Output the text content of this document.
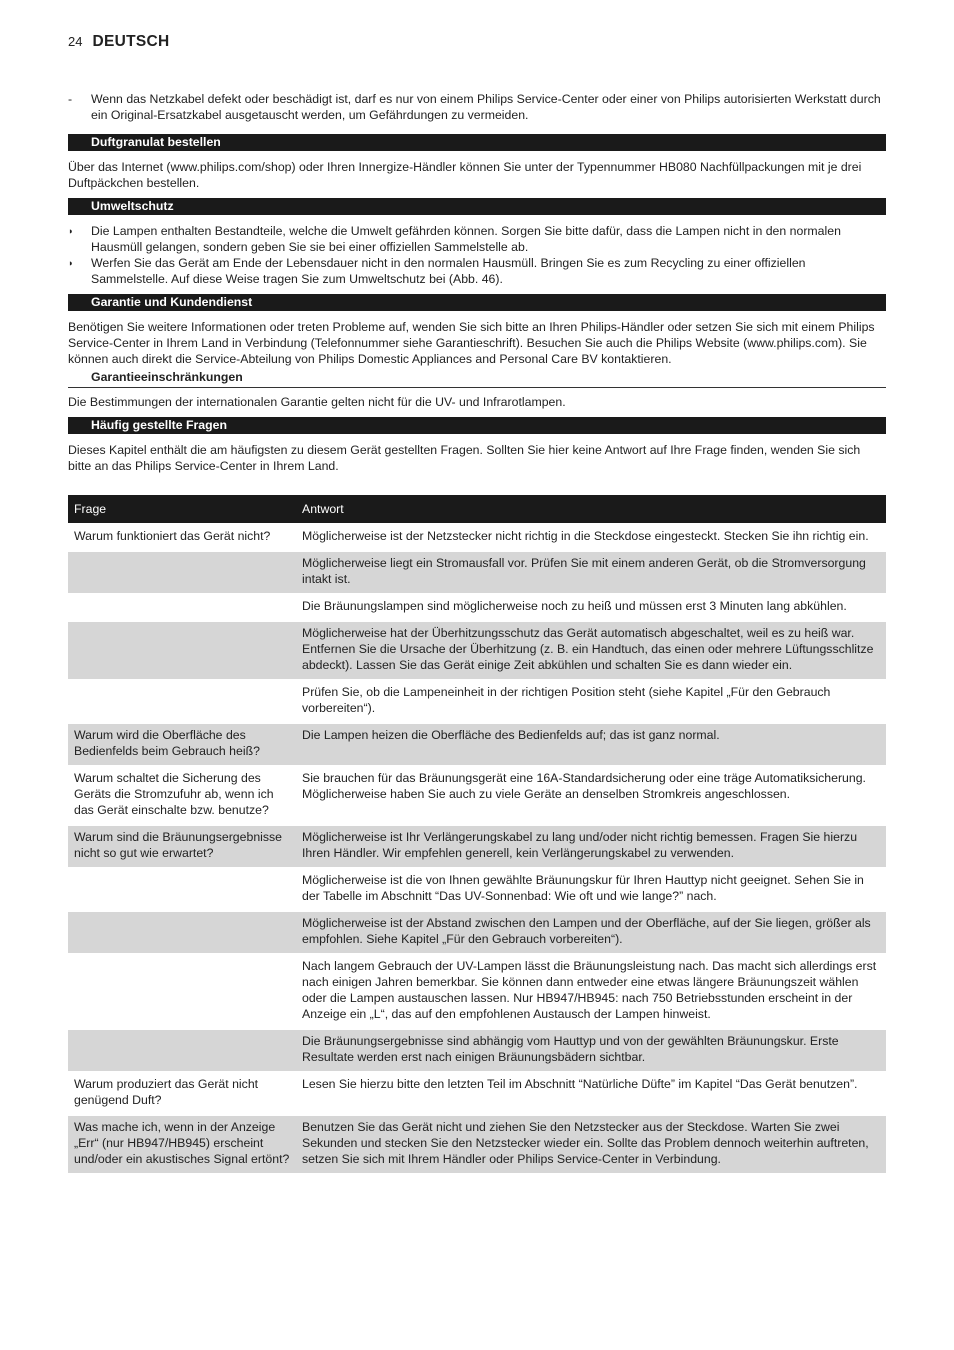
24 DEUTSCH
-	Wenn das Netzkabel defekt oder beschädigt ist, darf es nur von einem Philips Service-Center oder einer von Philips autorisierten Werkstatt durch ein Original-Ersatzkabel ausgetauscht werden, um Gefährdungen zu vermeiden.
Duftgranulat bestellen

Über das Internet (www.philips.com/shop) oder Ihren Innergize-Händler können Sie unter der Typennummer HB080 Nachfüllpackungen mit je drei Duftpäckchen bestellen.

Umweltschutz
◗	Die Lampen enthalten Bestandteile, welche die Umwelt gefährden können. Sorgen Sie bitte dafür, dass die Lampen nicht in den normalen Hausmüll gelangen, sondern geben Sie sie bei einer offiziellen Sammelstelle ab.
◗	Werfen Sie das Gerät am Ende der Lebensdauer nicht in den normalen Hausmüll. Bringen Sie es zum Recycling zu einer offiziellen Sammelstelle. Auf diese Weise tragen Sie zum Umweltschutz bei (Abb. 46).
Garantie und Kundendienst

Benötigen Sie weitere Informationen oder treten Probleme auf, wenden Sie sich bitte an Ihren Philips-Händler oder setzen Sie sich mit einem Philips Service-Center in Ihrem Land in Verbindung (Telefonnummer siehe Garantieschrift). Besuchen Sie auch die Philips Website (www.philips.com). Sie können auch direkt die Service-Abteilung von Philips Domestic Appliances and Personal Care BV kontaktieren.

Garantieeinschränkungen

Die Bestimmungen der internationalen Garantie gelten nicht für die UV- und Infrarotlampen.

Häufig gestellte Fragen

Dieses Kapitel enthält die am häufigsten zu diesem Gerät gestellten Fragen. Sollten Sie hier keine Antwort auf Ihre Frage finden, wenden Sie sich bitte an das Philips Service-Center in Ihrem Land.

Frage	Antwort
Warum funktioniert das Gerät nicht?	Möglicherweise ist der Netzstecker nicht richtig in die Steckdose eingesteckt. Stecken Sie ihn richtig ein.
	Möglicherweise liegt ein Stromausfall vor. Prüfen Sie mit einem anderen Gerät, ob die Stromversorgung intakt ist.
	Die Bräunungslampen sind möglicherweise noch zu heiß und müssen erst 3 Minuten lang abkühlen.
	Möglicherweise hat der Überhitzungsschutz das Gerät automatisch abgeschaltet, weil es zu heiß war. Entfernen Sie die Ursache der Überhitzung (z. B. ein Handtuch, das einen oder mehrere Lüftungsschlitze abdeckt). Lassen Sie das Gerät einige Zeit abkühlen und schalten Sie es dann wieder ein.
	Prüfen Sie, ob die Lampeneinheit in der richtigen Position steht (siehe Kapitel „Für den Gebrauch vorbereiten“).
Warum wird die Oberfläche des Bedienfelds beim Gebrauch heiß?	Die Lampen heizen die Oberfläche des Bedienfelds auf; das ist ganz normal.
Warum schaltet die Sicherung des Geräts die Stromzufuhr ab, wenn ich das Gerät einschalte bzw. benutze?	Sie brauchen für das Bräunungsgerät eine 16A-Standardsicherung oder eine träge Automatiksicherung. Möglicherweise haben Sie auch zu viele Geräte an denselben Stromkreis angeschlossen.
Warum sind die Bräunungsergebnisse nicht so gut wie erwartet?	Möglicherweise ist Ihr Verlängerungskabel zu lang und/oder nicht richtig bemessen. Fragen Sie hierzu Ihren Händler. Wir empfehlen generell, kein Verlängerungskabel zu verwenden.
	Möglicherweise ist die von Ihnen gewählte Bräunungskur für Ihren Hauttyp nicht geeignet. Sehen Sie in der Tabelle im Abschnitt “Das UV-Sonnenbad: Wie oft und wie lange?” nach.
	Möglicherweise ist der Abstand zwischen den Lampen und der Oberfläche, auf der Sie liegen, größer als empfohlen. Siehe Kapitel „Für den Gebrauch vorbereiten“).
	Nach langem Gebrauch der UV-Lampen lässt die Bräunungsleistung nach. Das macht sich allerdings erst nach einigen Jahren bemerkbar. Sie können dann entweder eine etwas längere Bräunungszeit wählen oder die Lampen austauschen lassen. Nur HB947/HB945: nach 750 Betriebsstunden erscheint in der Anzeige ein „L“, das auf den empfohlenen Austausch der Lampen hinweist.
	Die Bräunungsergebnisse sind abhängig vom Hauttyp und von der gewählten Bräunungskur. Erste Resultate werden erst nach einigen Bräunungsbädern sichtbar.
Warum produziert das Gerät nicht genügend Duft?	Lesen Sie hierzu bitte den letzten Teil im Abschnitt “Natürliche Düfte” im Kapitel “Das Gerät benutzen”.
Was mache ich, wenn in der Anzeige „Err“ (nur HB947/HB945) erscheint und/oder ein akustisches Signal ertönt?	Benutzen Sie das Gerät nicht und ziehen Sie den Netzstecker aus der Steckdose. Warten Sie zwei Sekunden und stecken Sie den Netzstecker wieder ein. Sollte das Problem dennoch weiterhin auftreten, setzen Sie sich mit Ihrem Händler oder Philips Service-Center in Verbindung.
